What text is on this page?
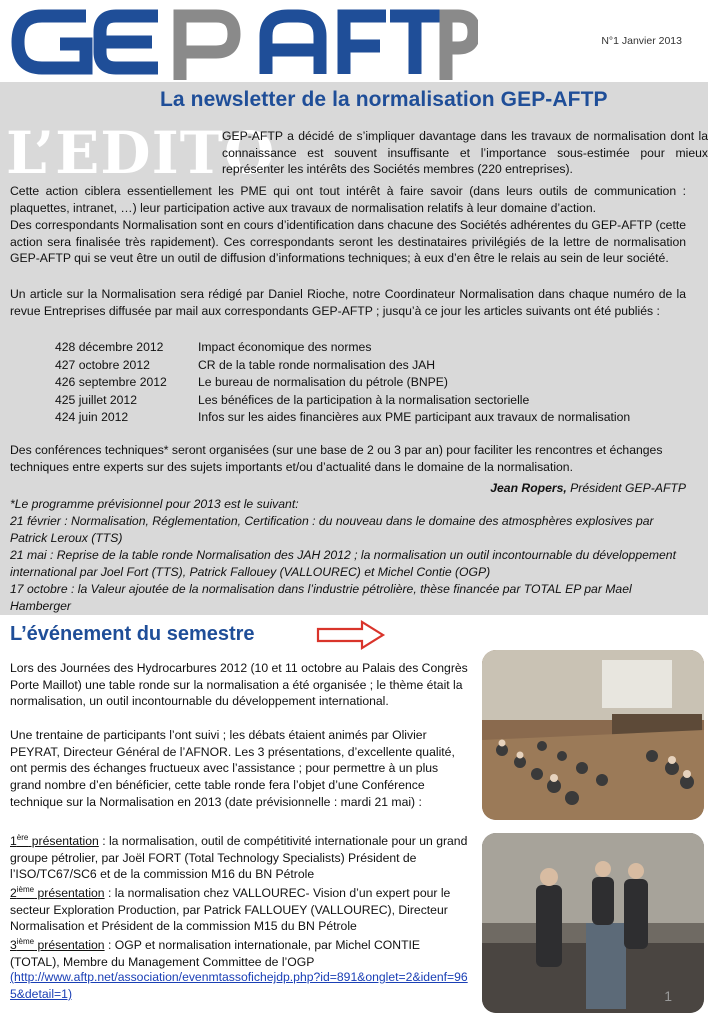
N°1 Janvier 2013
La newsletter de la normalisation GEP-AFTP
L’EDITO
GEP-AFTP a décidé de s’impliquer davantage dans les travaux de normalisation dont la connaissance est souvent insuffisante et l’importance sous-estimée pour mieux représenter les intérêts des Sociétés membres (220 entreprises).
Cette action ciblera essentiellement les PME qui ont tout intérêt à faire savoir (dans leurs outils de communication : plaquettes, intranet, …) leur participation active aux travaux de normalisation relatifs à leur domaine d’action.
Des correspondants Normalisation sont en cours d’identification dans chacune des Sociétés adhérentes du GEP-AFTP (cette action sera finalisée très rapidement). Ces correspondants seront les destinataires privilégiés de la lettre de normalisation GEP-AFTP qui se veut être un outil de diffusion d’informations techniques; à eux d’en être le relais au sein de leur société.
Un article sur la Normalisation sera rédigé par Daniel Rioche, notre Coordinateur Normalisation dans chaque numéro de la revue Entreprises diffusée par mail aux correspondants GEP-AFTP ; jusqu’à ce jour les articles suivants ont été publiés :
428 décembre 2012	Impact économique des normes
427 octobre 2012	CR de la table ronde normalisation des JAH
426 septembre 2012	Le bureau de normalisation du pétrole (BNPE)
425 juillet 2012	Les bénéfices de la participation à la normalisation sectorielle
424 juin 2012	Infos sur les aides financières aux PME participant aux travaux de normalisation
Des conférences techniques* seront organisées (sur une base de 2 ou 3 par an) pour faciliter les rencontres et échanges techniques entre experts sur des sujets importants et/ou d’actualité dans le domaine de la normalisation.
Jean Ropers, Président GEP-AFTP
*Le programme prévisionnel pour 2013 est le suivant:
21 février : Normalisation, Réglementation, Certification : du nouveau dans le domaine des atmosphères explosives par Patrick Leroux (TTS)
21 mai : Reprise de la table ronde Normalisation des JAH 2012 ; la normalisation un outil incontournable du développement international par Joel Fort (TTS), Patrick Fallouey (VALLOUREC) et Michel Contie (OGP)
17 octobre : la Valeur ajoutée de la normalisation dans l’industrie pétrolière, thèse financée par TOTAL EP par Mael Hamberger
L’événement du semestre
Lors des Journées des Hydrocarbures 2012 (10 et 11 octobre au Palais des Congrès Porte Maillot) une table ronde sur la normalisation a été organisée ; le thème était la normalisation, un outil incontournable du développement international.
Une trentaine de participants l’ont suivi ; les débats étaient animés par Olivier PEYRAT, Directeur Général de l’AFNOR. Les 3 présentations, d’excellente qualité, ont permis des échanges fructueux avec l’assistance ; pour permettre à un plus grand nombre d’en bénéficier, cette table ronde fera l’objet d’une Conférence technique sur la Normalisation en 2013 (date prévisionnelle : mardi 21 mai) :
1ère présentation : la normalisation, outil de compétitivité internationale pour un grand groupe pétrolier, par Joël FORT (Total Technology Specialists) Président de l’ISO/TC67/SC6 et de la commission M16 du BN Pétrole
2ième présentation : la normalisation chez VALLOUREC- Vision d’un expert pour le secteur Exploration Production, par Patrick FALLOUEY (VALLOUREC), Directeur Normalisation et Président de la commission M15 du BN Pétrole
3ième présentation : OGP et normalisation internationale, par Michel CONTIE (TOTAL), Membre du Management Committee de l’OGP
(http://www.aftp.net/association/evenmtassofichejdp.php?id=891&onglet=2&idenf=965&detail=1)	1
